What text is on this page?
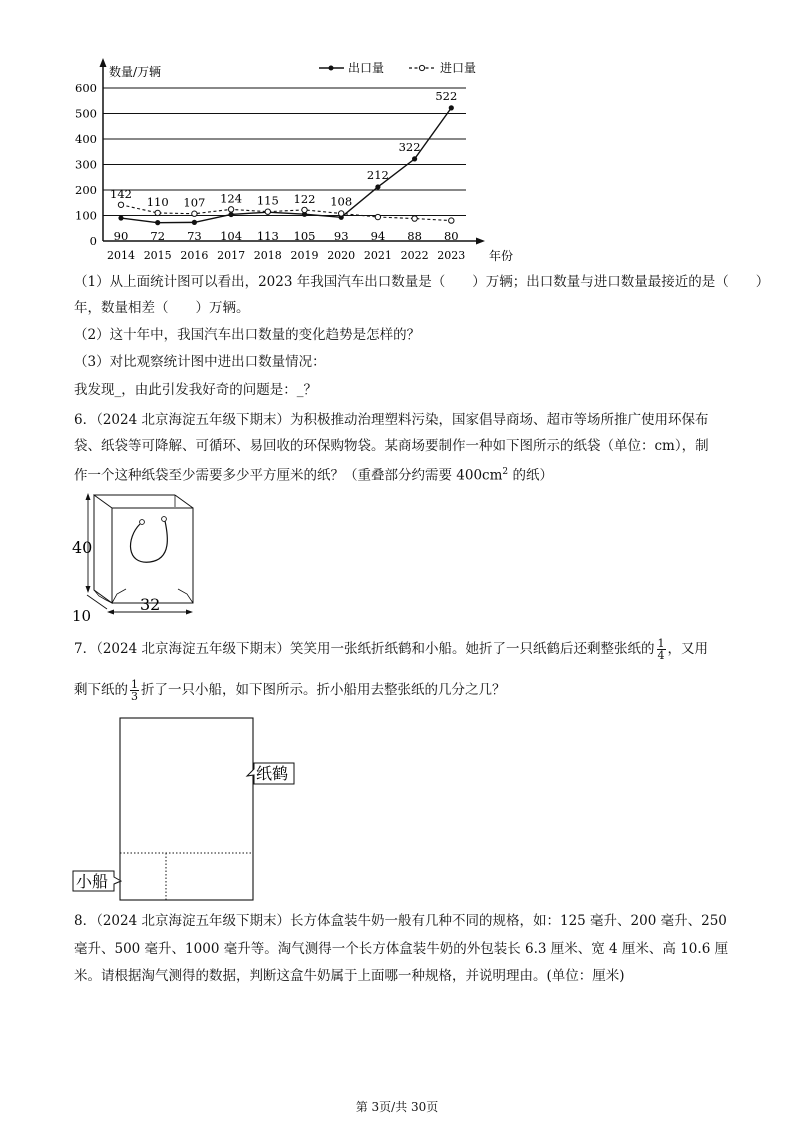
数量/万辆
年份
出口量	进口量
0
100
200
300
400
500
600
2014 2015 2016 2017 2018 2019 2020 2021 2022 2023
90 72 73 104 113 105 93
212
322
522
142
110 107 124 115 122 108
94 88 80
（1）从上面统计图可以看出，2023 年我国汽车出口数量是（　　）万辆；出口数量与进口数量最接近的是（　　）
年，数量相差（　　）万辆。
（2）这十年中，我国汽车出口数量的变化趋势是怎样的？
（3）对比观察统计图中进出口数量情况：
我发现_，由此引发我好奇的问题是：_？
6．（2024 北京海淀五年级下期末）为积极推动治理塑料污染，国家倡导商场、超市等场所推广使用环保布
袋、纸袋等可降解、可循环、易回收的环保购物袋。某商场要制作一种如下图所示的纸袋（单位：cm），制
作一个这种纸袋至少需要多少平方厘米的纸？（重叠部分约需要 $400cm^2$ 的纸）
40
10
32
7．（2024 北京海淀五年级下期末）笑笑用一张纸折纸鹤和小船。她折了一只纸鹤后还剩整张纸的 $\frac{1}{4}$ ，又用
剩下纸的 $\frac{1}{3}$ 折了一只小船，如下图所示。折小船用去整张纸的几分之几？
纸鹤
小船
8．（2024 北京海淀五年级下期末）长方体盒装牛奶一般有几种不同的规格，如：125 毫升、200 毫升、250
毫升、500 毫升、1000 毫升等。淘气测得一个长方体盒装牛奶的外包装长 6.3 厘米、宽 4 厘米、高 10.6 厘
米。请根据淘气测得的数据，判断这盒牛奶属于上面哪一种规格，并说明理由。(单位：厘米)
第 3页/共 30页
